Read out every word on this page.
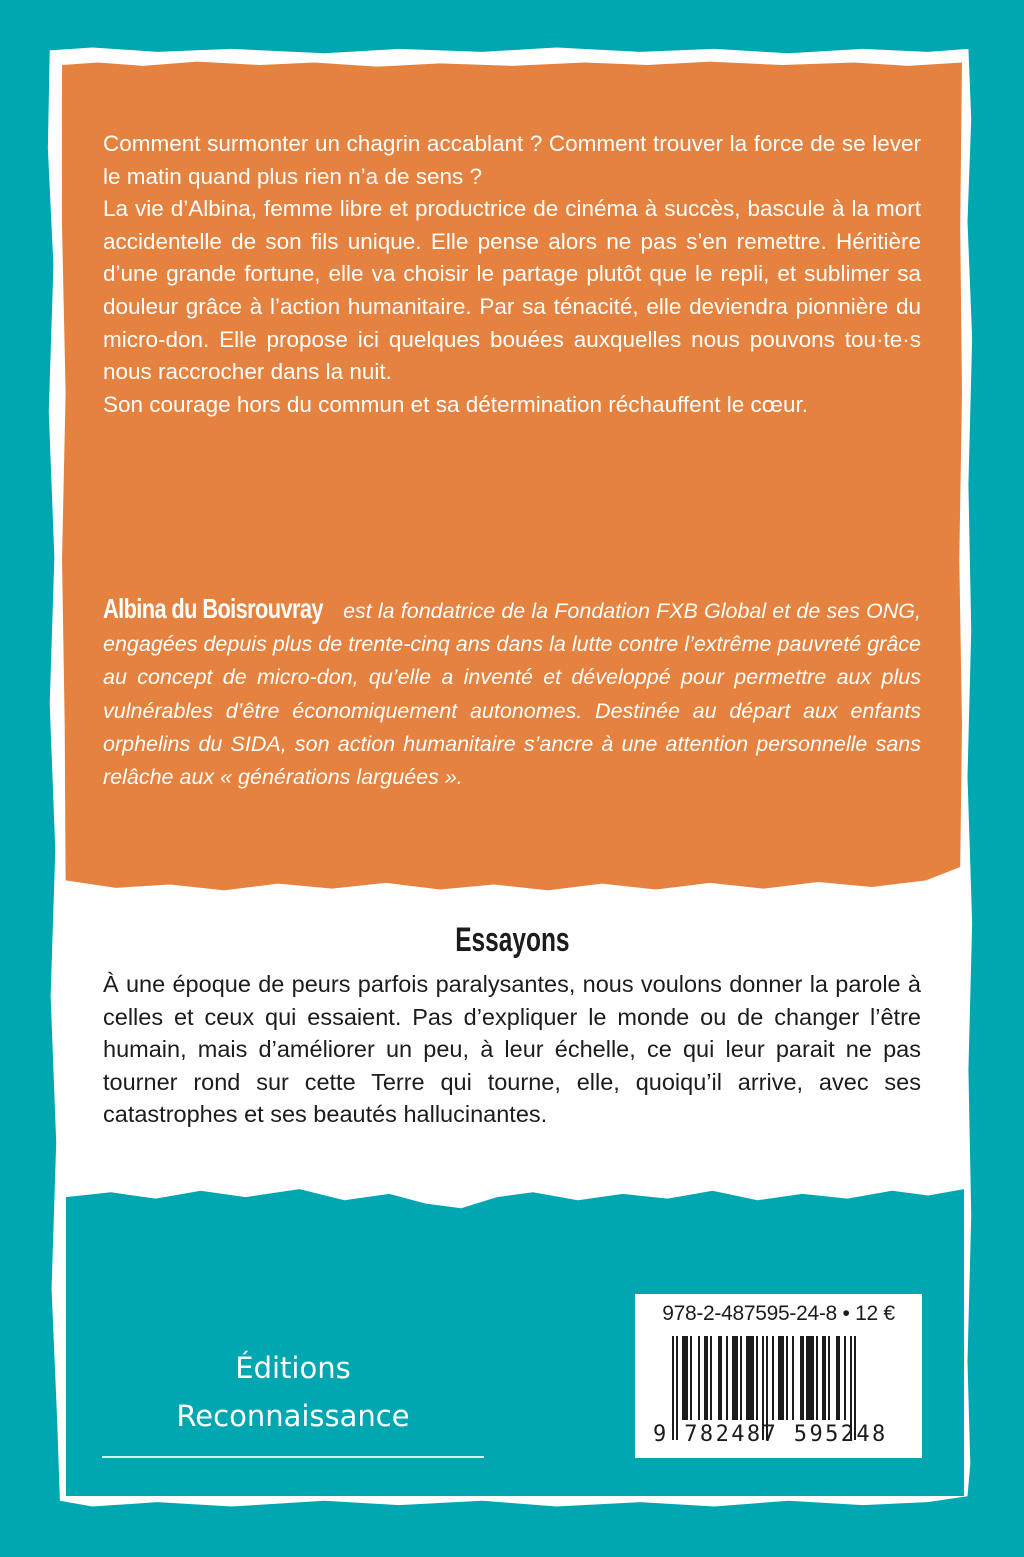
Comment surmonter un chagrin accablant ? Comment trouver la force de se lever le matin quand plus rien n’a de sens ?

La vie d’Albina, femme libre et productrice de cinéma à succès, bascule à la mort accidentelle de son fils unique. Elle pense alors ne pas s’en remettre. Héritière d’une grande fortune, elle va choisir le partage plutôt que le repli, et sublimer sa douleur grâce à l’action humanitaire. Par sa ténacité, elle deviendra pionnière du micro-don. Elle propose ici quelques bouées auxquelles nous pouvons tou·te·s nous raccrocher dans la nuit.

Son courage hors du commun et sa détermination réchauffent le cœur.

Albina du Boisrouvray est la fondatrice de la Fondation FXB Global et de ses ONG, engagées depuis plus de trente-cinq ans dans la lutte contre l’extrême pauvreté grâce au concept de micro-don, qu’elle a inventé et développé pour permettre aux plus vulnérables d’être économiquement autonomes. Destinée au départ aux enfants orphelins du SIDA, son action humanitaire s’ancre à une attention personnelle sans relâche aux « générations larguées ».
Essayons
À une époque de peurs parfois paralysantes, nous voulons donner la parole à celles et ceux qui essaient. Pas d’expliquer le monde ou de changer l’être humain, mais d’améliorer un peu, à leur échelle, ce qui leur parait ne pas tourner rond sur cette Terre qui tourne, elle, quoiqu’il arrive, avec ses catastrophes et ses beautés hallucinantes.
Éditions
Reconnaissance
978-2-487595-24-8 • 12 €
9 782487 595248
